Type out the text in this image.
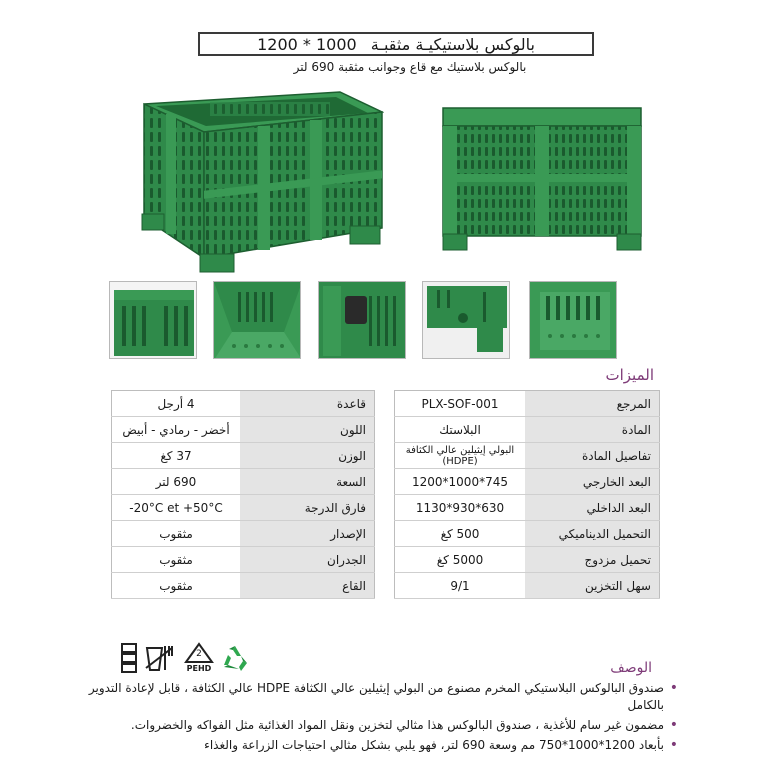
بالوكس بلاستيكيـة مثقبـة
1200 * 1000
بالوكس بلاستيك مع قاع وجوانب مثقبة 690 لتر
الميزات
المرجع	PLX-SOF-001
المادة	البلاستك
تفاصيل المادة	البولي إيثيلين عالي الكثافة
(HDPE)

البعد الخارجي	1200*1000*745
البعد الداخلي	1130*930*630
التحميل الديناميكي	500 كغ
تحميل مزدوج	5000 كغ
سهل التخزين	9/1
قاعدة	4 أرجل
اللون	أخضر - رمادي - أبيض
الوزن	37 كغ
السعة	690 لتر
فارق الدرجة	-20°C et +50°C
الإصدار	مثقوب
الجدران	مثقوب
القاع	مثقوب
2
PEHD	الوصف
• صندوق البالوكس البلاستيكي المخرم مصنوع من البولي إيثيلين عالي الكثافة HDPE عالي الكثافة ، قابل لإعادة التدوير بالكامل
• مضمون غير سام للأغذية ، صندوق البالوكس هذا مثالي لتخزين ونقل المواد الغذائية مثل الفواكه والخضروات.
• بأبعاد 1200*1000*750 مم وسعة 690 لتر، فهو يلبي بشكل مثالي احتياجات الزراعة والغذاء
